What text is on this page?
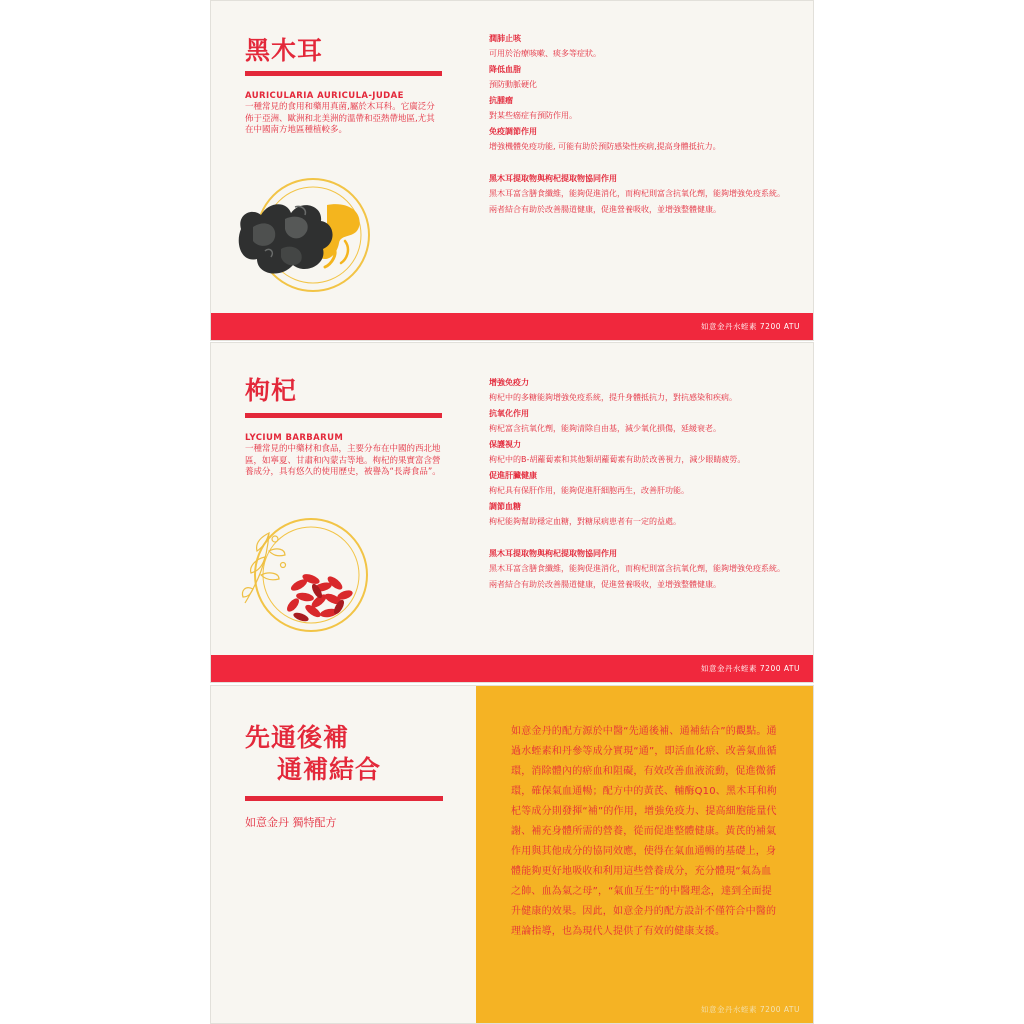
黑木耳
AURICULARIA AURICULA-JUDAE
一種常見的食用和藥用真菌,屬於木耳科。它廣泛分佈于亞洲、歐洲和北美洲的溫帶和亞熱帶地區,尤其在中國南方地區種植較多。
潤肺止咳
可用於治療咳嗽、痰多等症狀。
降低血脂
預防動脈硬化
抗腫瘤
對某些癌症有預防作用。
免疫調節作用
增強機體免疫功能, 可能有助於預防感染性疾病,提高身體抵抗力。
黑木耳提取物與枸杞提取物協同作用
黑木耳富含膳食纖維，能夠促進消化，而枸杞則富含抗氧化劑，能夠增強免疫系統。兩者結合有助於改善腸道健康，促進營養吸收，並增強整體健康。
如意金丹水蛭素 7200 ATU
枸杞
LYCIUM BARBARUM
一種常見的中藥材和食品，主要分布在中國的西北地區，如寧夏、甘肅和內蒙古等地。枸杞的果實富含營養成分，具有悠久的使用歷史，被譽為“長壽食品”。
增強免疫力
枸杞中的多糖能夠增強免疫系統，提升身體抵抗力，對抗感染和疾病。
抗氧化作用
枸杞富含抗氧化劑，能夠清除自由基，減少氧化損傷，延緩衰老。
保護視力
枸杞中的B-胡蘿蔔素和其他類胡蘿蔔素有助於改善視力，減少眼睛疲勞。
促進肝臟健康
枸杞具有保肝作用，能夠促進肝細胞再生，改善肝功能。
調節血糖
枸杞能夠幫助穩定血糖，對糖尿病患者有一定的益處。
黑木耳提取物與枸杞提取物協同作用
黑木耳富含膳食纖維，能夠促進消化，而枸杞則富含抗氧化劑，能夠增強免疫系統。兩者結合有助於改善腸道健康，促進營養吸收，並增強整體健康。
如意金丹水蛭素 7200 ATU
先通後補
通補結合
如意金丹 獨特配方
如意金丹的配方源於中醫“先通後補、通補結合”的觀點。通過水蛭素和丹參等成分實現“通”，即活血化瘀、改善氣血循環，消除體內的瘀血和阻礙，有效改善血液流動，促進微循環，確保氣血通暢；配方中的黃芪、輔酶Q10、黑木耳和枸杞等成分則發揮“補”的作用，增強免疫力、提高細胞能量代謝、補充身體所需的營養，從而促進整體健康。黃芪的補氣作用與其他成分的協同效應，使得在氣血通暢的基礎上，身體能夠更好地吸收和利用這些營養成分，充分體現“氣為血之帥、血為氣之母”，“氣血互生”的中醫理念，達到全面提升健康的效果。因此，如意金丹的配方設計不僅符合中醫的理論指導，也為現代人提供了有效的健康支援。
如意金丹水蛭素 7200 ATU
